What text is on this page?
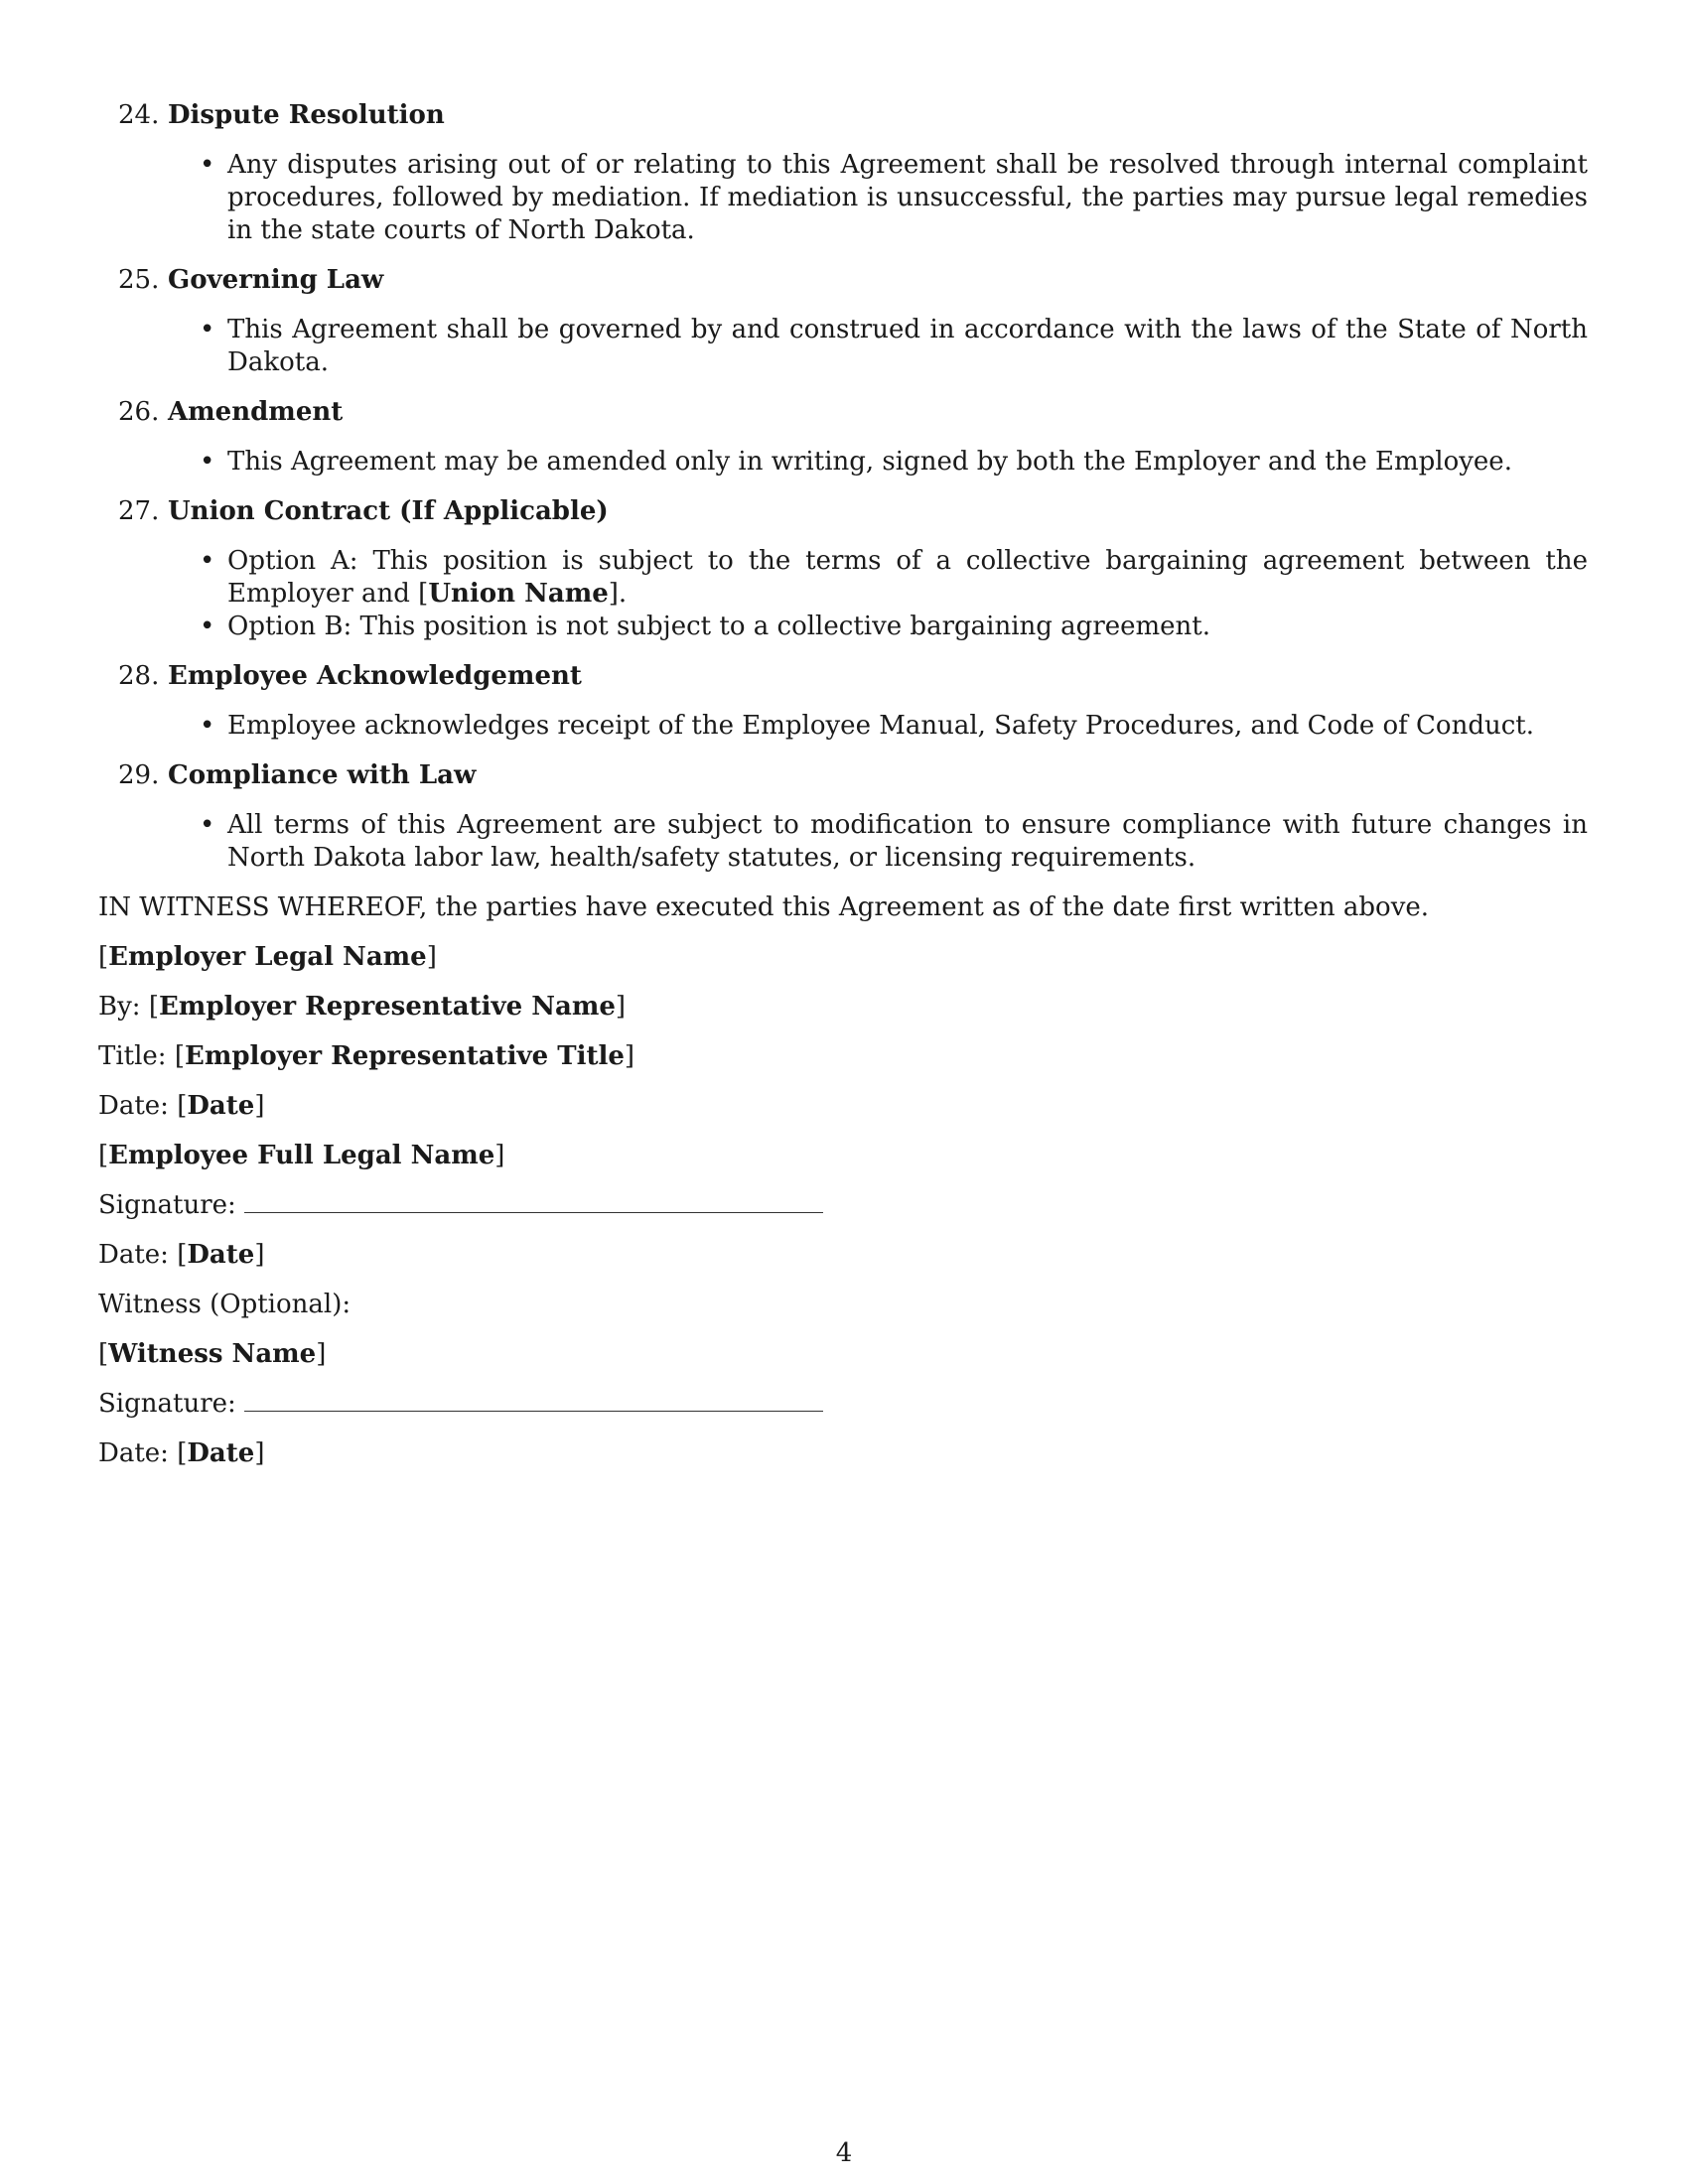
24. Dispute Resolution
• Any disputes arising out of or relating to this Agreement shall be resolved through internal complaint procedures, followed by mediation. If mediation is unsuccessful, the parties may pursue legal remedies in the state courts of North Dakota.
25. Governing Law
• This Agreement shall be governed by and construed in accordance with the laws of the State of North Dakota.
26. Amendment
• This Agreement may be amended only in writing, signed by both the Employer and the Employee.
27. Union Contract (If Applicable)
• Option A: This position is subject to the terms of a collective bargaining agreement between the Employer and [Union Name].
• Option B: This position is not subject to a collective bargaining agreement.
28. Employee Acknowledgement
• Employee acknowledges receipt of the Employee Manual, Safety Procedures, and Code of Conduct.
29. Compliance with Law
• All terms of this Agreement are subject to modification to ensure compliance with future changes in North Dakota labor law, health/safety statutes, or licensing requirements.
IN WITNESS WHEREOF, the parties have executed this Agreement as of the date first written above.
[Employer Legal Name]
By: [Employer Representative Name]
Title: [Employer Representative Title]
Date: [Date]
[Employee Full Legal Name]
Signature:
Date: [Date]
Witness (Optional):
[Witness Name]
Signature:
Date: [Date]
4
